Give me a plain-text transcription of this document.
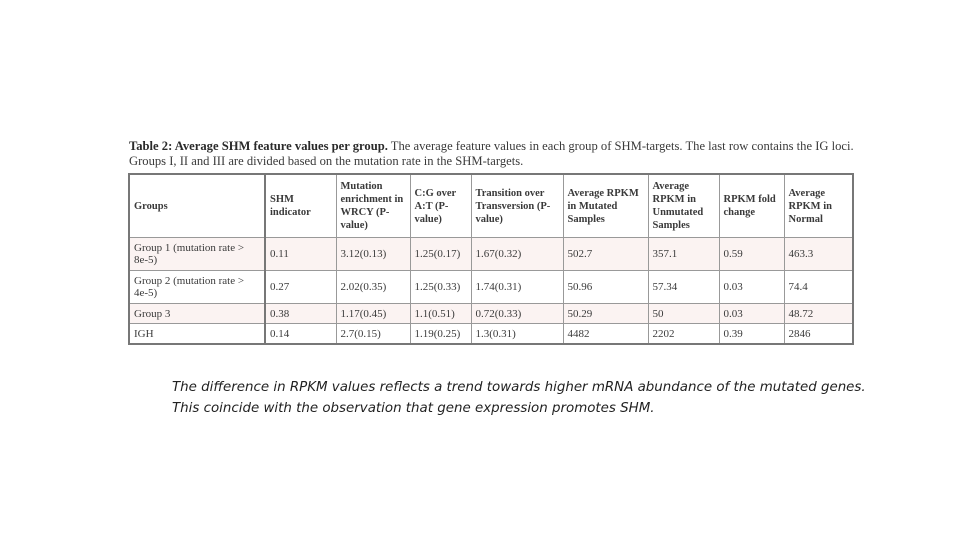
Table 2: Average SHM feature values per group. The average feature values in each group of SHM-targets. The last row contains the IG loci. Groups I, II and III are divided based on the mutation rate in the SHM-targets.
Groups	SHM indicator	Mutation enrichment in WRCY (P-value)	C:G over A:T (P-value)	Transition over Transversion (P-value)	Average RPKM in Mutated Samples	Average RPKM in Unmutated Samples	RPKM fold change	Average RPKM in Normal
Group 1 (mutation rate > 8e-5)	0.11	3.12(0.13)	1.25(0.17)	1.67(0.32)	502.7	357.1	0.59	463.3
Group 2 (mutation rate > 4e-5)	0.27	2.02(0.35)	1.25(0.33)	1.74(0.31)	50.96	57.34	0.03	74.4
Group 3	0.38	1.17(0.45)	1.1(0.51)	0.72(0.33)	50.29	50	0.03	48.72
IGH	0.14	2.7(0.15)	1.19(0.25)	1.3(0.31)	4482	2202	0.39	2846
The difference in RPKM values reflects a trend towards higher mRNA abundance of the mutated genes. This coincide with the observation that gene expression promotes SHM.
